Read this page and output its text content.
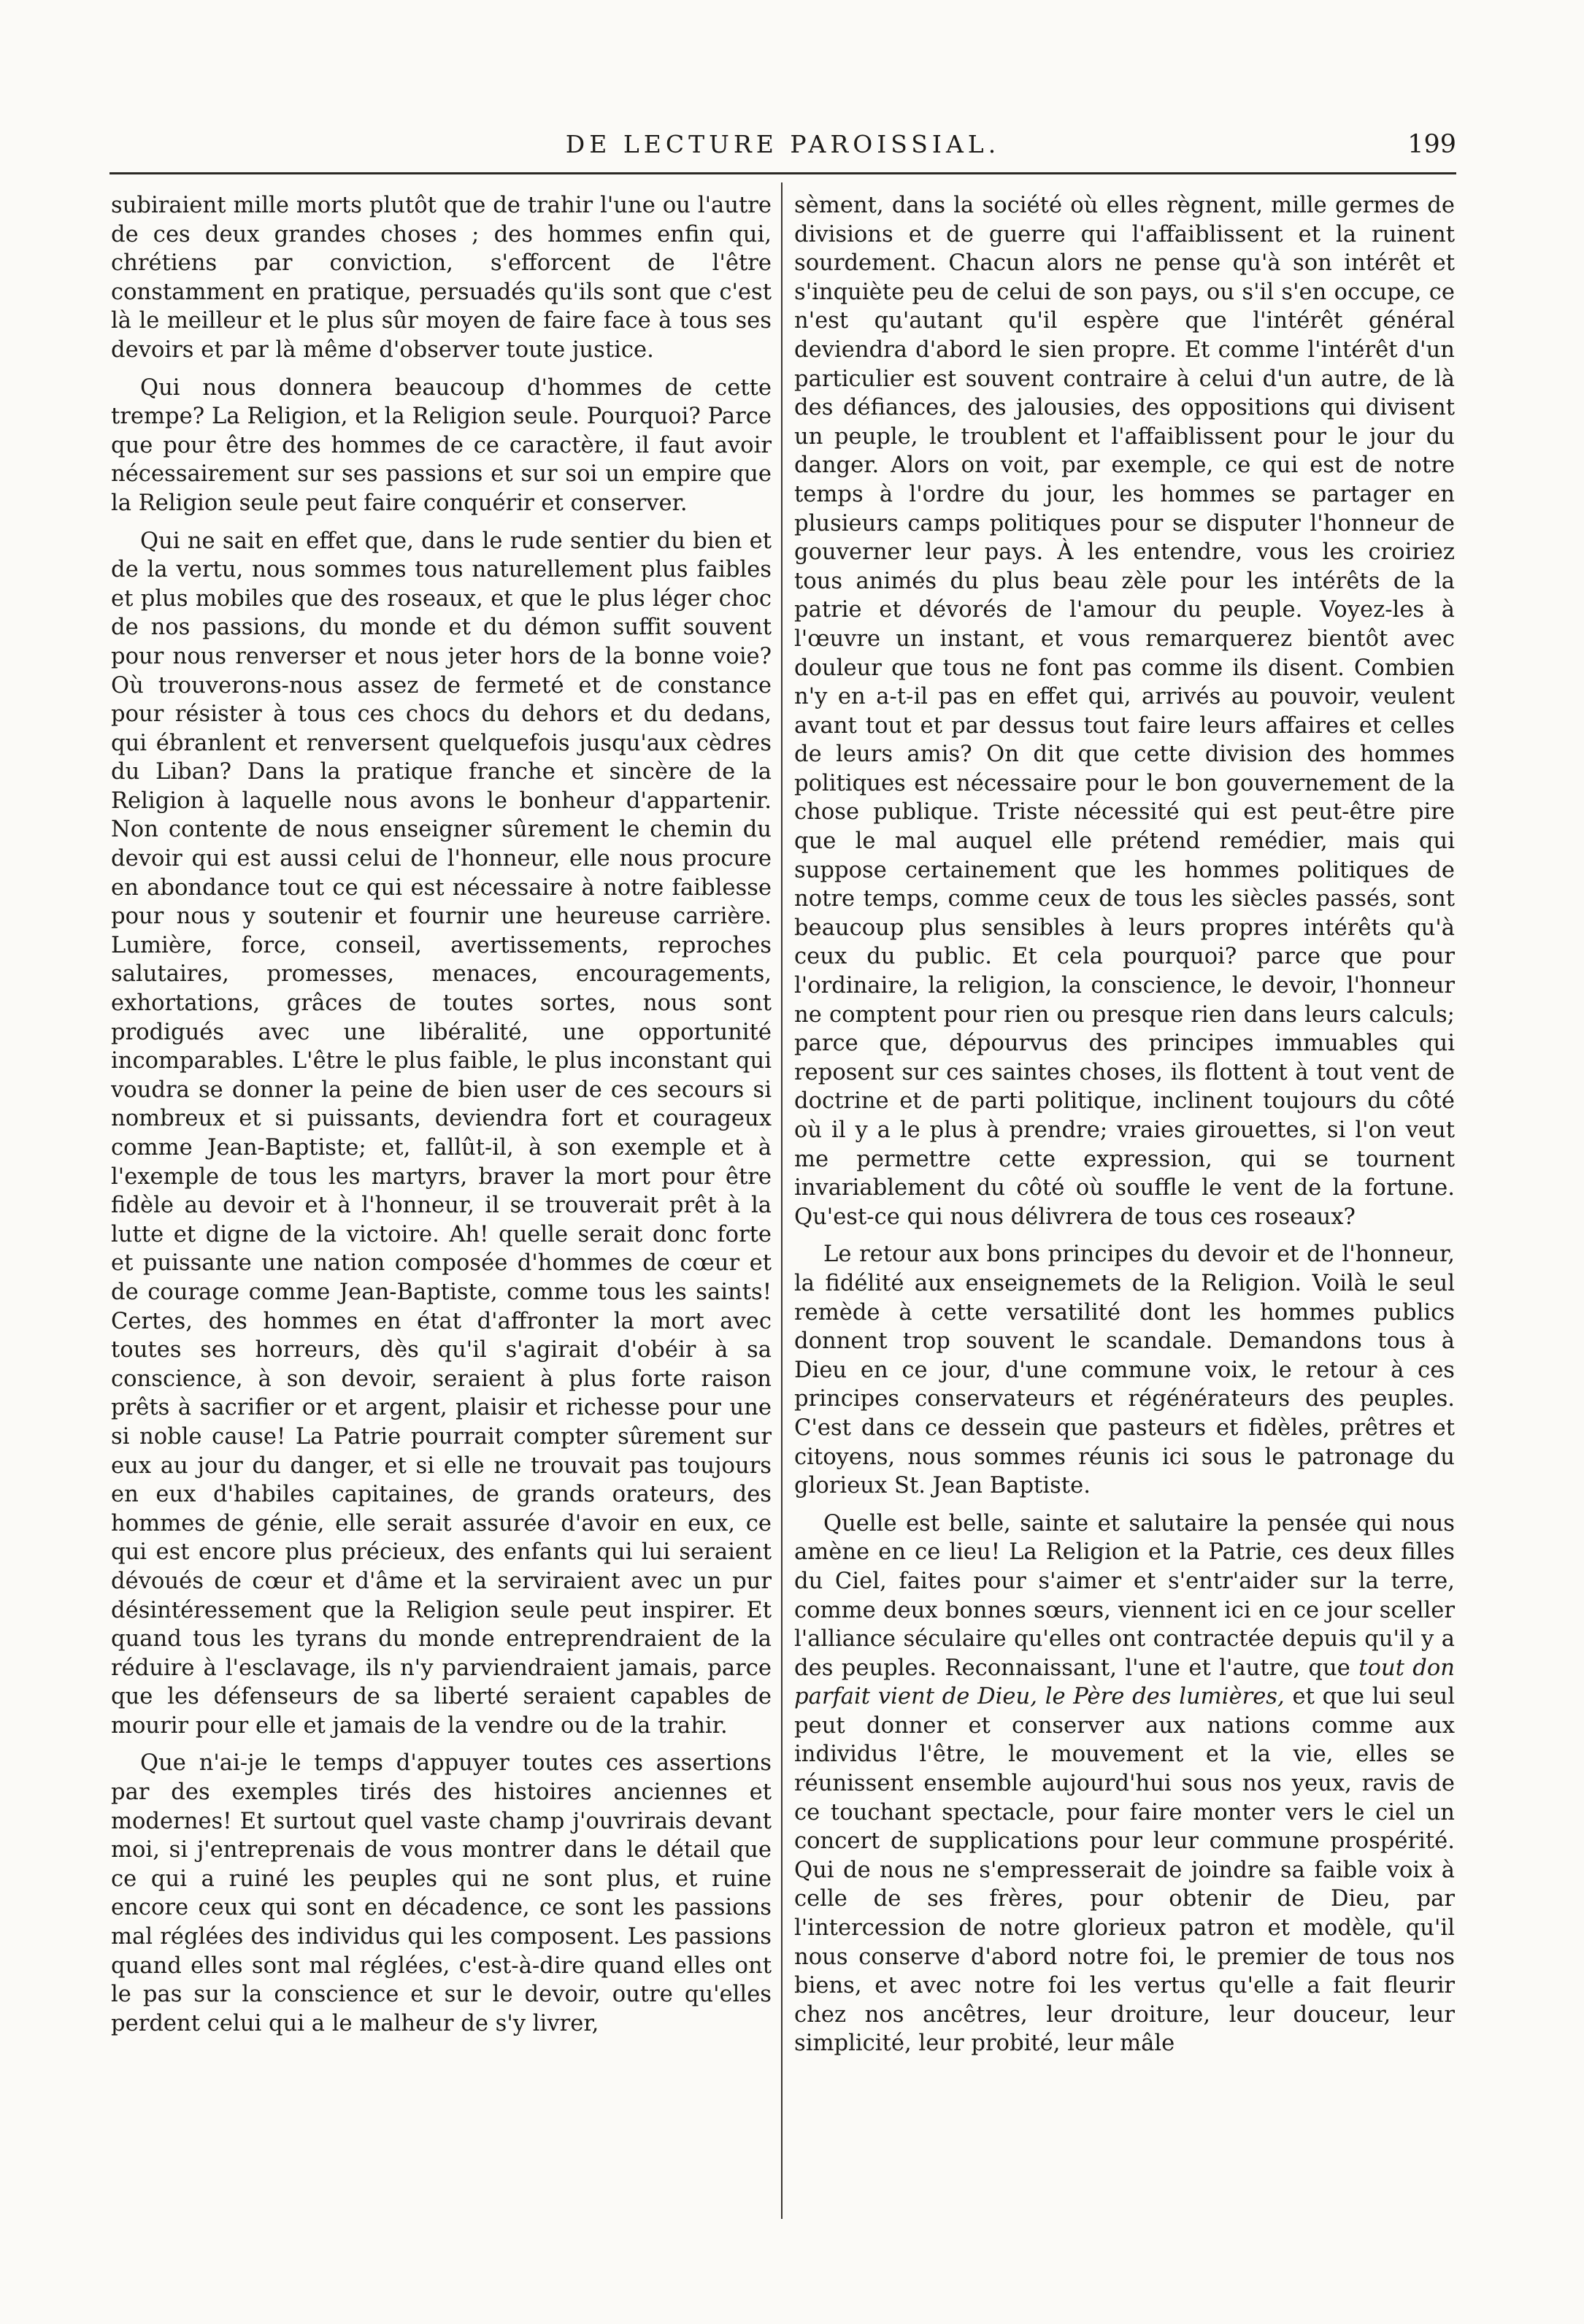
DE LECTURE PAROISSIAL.	199

subiraient mille morts plutôt que de trahir l'une ou l'autre de ces deux grandes choses ; des hommes enfin qui, chrétiens par conviction, s'efforcent de l'être constamment en pratique, persuadés qu'ils sont que c'est là le meilleur et le plus sûr moyen de faire face à tous ses devoirs et par là même d'observer toute justice.

Qui nous donnera beaucoup d'hommes de cette trempe? La Religion, et la Religion seule. Pourquoi? Parce que pour être des hommes de ce caractère, il faut avoir nécessairement sur ses passions et sur soi un empire que la Religion seule peut faire conquérir et conserver.

Qui ne sait en effet que, dans le rude sentier du bien et de la vertu, nous sommes tous naturellement plus faibles et plus mobiles que des roseaux, et que le plus léger choc de nos passions, du monde et du démon suffit souvent pour nous renverser et nous jeter hors de la bonne voie? Où trouverons-nous assez de fermeté et de constance pour résister à tous ces chocs du dehors et du dedans, qui ébranlent et renversent quelquefois jusqu'aux cèdres du Liban? Dans la pratique franche et sincère de la Religion à laquelle nous avons le bonheur d'appartenir. Non contente de nous enseigner sûrement le chemin du devoir qui est aussi celui de l'honneur, elle nous procure en abondance tout ce qui est nécessaire à notre faiblesse pour nous y soutenir et fournir une heureuse carrière. Lumière, force, conseil, avertissements, reproches salutaires, promesses, menaces, encouragements, exhortations, grâces de toutes sortes, nous sont prodigués avec une libéralité, une opportunité incomparables. L'être le plus faible, le plus inconstant qui voudra se donner la peine de bien user de ces secours si nombreux et si puissants, deviendra fort et courageux comme Jean-Baptiste; et, fallût-il, à son exemple et à l'exemple de tous les martyrs, braver la mort pour être fidèle au devoir et à l'honneur, il se trouverait prêt à la lutte et digne de la victoire. Ah! quelle serait donc forte et puissante une nation composée d'hommes de cœur et de courage comme Jean-Baptiste, comme tous les saints! Certes, des hommes en état d'affronter la mort avec toutes ses horreurs, dès qu'il s'agirait d'obéir à sa conscience, à son devoir, seraient à plus forte raison prêts à sacrifier or et argent, plaisir et richesse pour une si noble cause! La Patrie pourrait compter sûrement sur eux au jour du danger, et si elle ne trouvait pas toujours en eux d'habiles capitaines, de grands orateurs, des hommes de génie, elle serait assurée d'avoir en eux, ce qui est encore plus précieux, des enfants qui lui seraient dévoués de cœur et d'âme et la serviraient avec un pur désintéressement que la Religion seule peut inspirer. Et quand tous les tyrans du monde entreprendraient de la réduire à l'esclavage, ils n'y parviendraient jamais, parce que les défenseurs de sa liberté seraient capables de mourir pour elle et jamais de la vendre ou de la trahir.

Que n'ai-je le temps d'appuyer toutes ces assertions par des exemples tirés des histoires anciennes et modernes! Et surtout quel vaste champ j'ouvrirais devant moi, si j'entreprenais de vous montrer dans le détail que ce qui a ruiné les peuples qui ne sont plus, et ruine encore ceux qui sont en décadence, ce sont les passions mal réglées des individus qui les composent. Les passions quand elles sont mal réglées, c'est-à-dire quand elles ont le pas sur la conscience et sur le devoir, outre qu'elles perdent celui qui a le malheur de s'y livrer,

sèment, dans la société où elles règnent, mille germes de divisions et de guerre qui l'affaiblissent et la ruinent sourdement. Chacun alors ne pense qu'à son intérêt et s'inquiète peu de celui de son pays, ou s'il s'en occupe, ce n'est qu'autant qu'il espère que l'intérêt général deviendra d'abord le sien propre. Et comme l'intérêt d'un particulier est souvent contraire à celui d'un autre, de là des défiances, des jalousies, des oppositions qui divisent un peuple, le troublent et l'affaiblissent pour le jour du danger. Alors on voit, par exemple, ce qui est de notre temps à l'ordre du jour, les hommes se partager en plusieurs camps politiques pour se disputer l'honneur de gouverner leur pays. À les entendre, vous les croiriez tous animés du plus beau zèle pour les intérêts de la patrie et dévorés de l'amour du peuple. Voyez-les à l'œuvre un instant, et vous remarquerez bientôt avec douleur que tous ne font pas comme ils disent. Combien n'y en a-t-il pas en effet qui, arrivés au pouvoir, veulent avant tout et par dessus tout faire leurs affaires et celles de leurs amis? On dit que cette division des hommes politiques est nécessaire pour le bon gouvernement de la chose publique. Triste nécessité qui est peut-être pire que le mal auquel elle prétend remédier, mais qui suppose certainement que les hommes politiques de notre temps, comme ceux de tous les siècles passés, sont beaucoup plus sensibles à leurs propres intérêts qu'à ceux du public. Et cela pourquoi? parce que pour l'ordinaire, la religion, la conscience, le devoir, l'honneur ne comptent pour rien ou presque rien dans leurs calculs; parce que, dépourvus des principes immuables qui reposent sur ces saintes choses, ils flottent à tout vent de doctrine et de parti politique, inclinent toujours du côté où il y a le plus à prendre; vraies girouettes, si l'on veut me permettre cette expression, qui se tournent invariablement du côté où souffle le vent de la fortune. Qu'est-ce qui nous délivrera de tous ces roseaux?

Le retour aux bons principes du devoir et de l'honneur, la fidélité aux enseignemets de la Religion. Voilà le seul remède à cette versatilité dont les hommes publics donnent trop souvent le scandale. Demandons tous à Dieu en ce jour, d'une commune voix, le retour à ces principes conservateurs et régénérateurs des peuples. C'est dans ce dessein que pasteurs et fidèles, prêtres et citoyens, nous sommes réunis ici sous le patronage du glorieux St. Jean Baptiste.

Quelle est belle, sainte et salutaire la pensée qui nous amène en ce lieu! La Religion et la Patrie, ces deux filles du Ciel, faites pour s'aimer et s'entr'aider sur la terre, comme deux bonnes sœurs, viennent ici en ce jour sceller l'alliance séculaire qu'elles ont contractée depuis qu'il y a des peuples. Reconnaissant, l'une et l'autre, que tout don parfait vient de Dieu, le Père des lumières, et que lui seul peut donner et conserver aux nations comme aux individus l'être, le mouvement et la vie, elles se réunissent ensemble aujourd'hui sous nos yeux, ravis de ce touchant spectacle, pour faire monter vers le ciel un concert de supplications pour leur commune prospérité. Qui de nous ne s'empresserait de joindre sa faible voix à celle de ses frères, pour obtenir de Dieu, par l'intercession de notre glorieux patron et modèle, qu'il nous conserve d'abord notre foi, le premier de tous nos biens, et avec notre foi les vertus qu'elle a fait fleurir chez nos ancêtres, leur droiture, leur douceur, leur simplicité, leur probité, leur mâle
